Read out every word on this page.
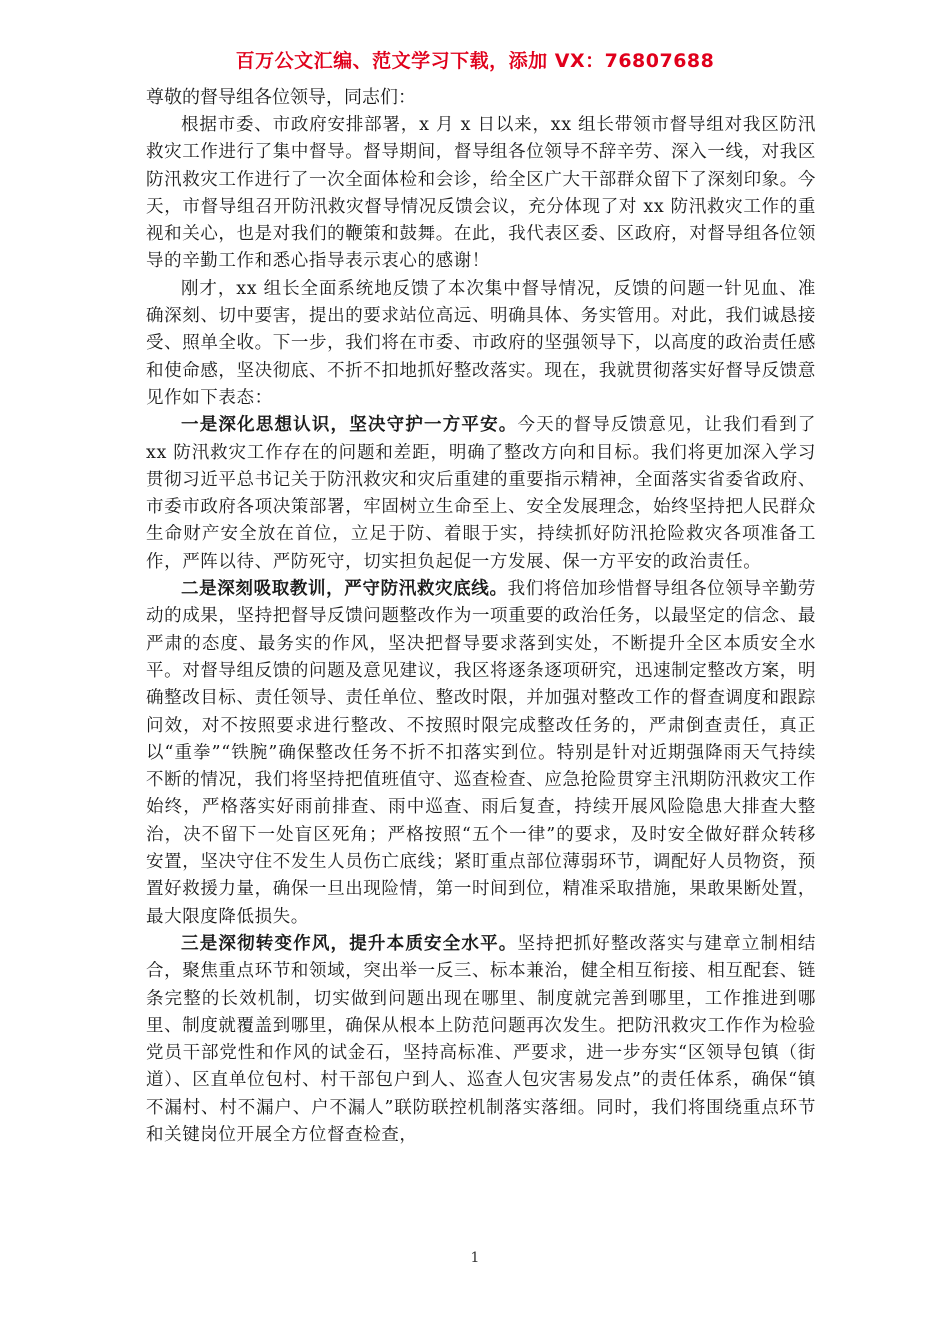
百万公文汇编、范文学习下载，添加 VX：76807688

尊敬的督导组各位领导，同志们：

根据市委、市政府安排部署，x 月 x 日以来，xx 组长带领市督导组对我区防汛救灾工作进行了集中督导。督导期间，督导组各位领导不辞辛劳、深入一线，对我区防汛救灾工作进行了一次全面体检和会诊，给全区广大干部群众留下了深刻印象。今天，市督导组召开防汛救灾督导情况反馈会议，充分体现了对 xx 防汛救灾工作的重视和关心，也是对我们的鞭策和鼓舞。在此，我代表区委、区政府，对督导组各位领导的辛勤工作和悉心指导表示衷心的感谢！

刚才，xx 组长全面系统地反馈了本次集中督导情况，反馈的问题一针见血、准确深刻、切中要害，提出的要求站位高远、明确具体、务实管用。对此，我们诚恳接受、照单全收。下一步，我们将在市委、市政府的坚强领导下，以高度的政治责任感和使命感，坚决彻底、不折不扣地抓好整改落实。现在，我就贯彻落实好督导反馈意见作如下表态：

一是深化思想认识，坚决守护一方平安。今天的督导反馈意见，让我们看到了 xx 防汛救灾工作存在的问题和差距，明确了整改方向和目标。我们将更加深入学习贯彻习近平总书记关于防汛救灾和灾后重建的重要指示精神，全面落实省委省政府、市委市政府各项决策部署，牢固树立生命至上、安全发展理念，始终坚持把人民群众生命财产安全放在首位，立足于防、着眼于实，持续抓好防汛抢险救灾各项准备工作，严阵以待、严防死守，切实担负起促一方发展、保一方平安的政治责任。

二是深刻吸取教训，严守防汛救灾底线。我们将倍加珍惜督导组各位领导辛勤劳动的成果，坚持把督导反馈问题整改作为一项重要的政治任务，以最坚定的信念、最严肃的态度、最务实的作风，坚决把督导要求落到实处，不断提升全区本质安全水平。对督导组反馈的问题及意见建议，我区将逐条逐项研究，迅速制定整改方案，明确整改目标、责任领导、责任单位、整改时限，并加强对整改工作的督查调度和跟踪问效，对不按照要求进行整改、不按照时限完成整改任务的，严肃倒查责任，真正以“重拳”“铁腕”确保整改任务不折不扣落实到位。特别是针对近期强降雨天气持续不断的情况，我们将坚持把值班值守、巡查检查、应急抢险贯穿主汛期防汛救灾工作始终，严格落实好雨前排查、雨中巡查、雨后复查，持续开展风险隐患大排查大整治，决不留下一处盲区死角；严格按照“五个一律”的要求，及时安全做好群众转移安置，坚决守住不发生人员伤亡底线；紧盯重点部位薄弱环节，调配好人员物资，预置好救援力量，确保一旦出现险情，第一时间到位，精准采取措施，果敢果断处置，最大限度降低损失。

三是深彻转变作风，提升本质安全水平。坚持把抓好整改落实与建章立制相结合，聚焦重点环节和领域，突出举一反三、标本兼治，健全相互衔接、相互配套、链条完整的长效机制，切实做到问题出现在哪里、制度就完善到哪里，工作推进到哪里、制度就覆盖到哪里，确保从根本上防范问题再次发生。把防汛救灾工作作为检验党员干部党性和作风的试金石，坚持高标准、严要求，进一步夯实“区领导包镇（街道）、区直单位包村、村干部包户到人、巡查人包灾害易发点”的责任体系，确保“镇不漏村、村不漏户、户不漏人”联防联控机制落实落细。同时，我们将围绕重点环节和关键岗位开展全方位督查检查，

1
